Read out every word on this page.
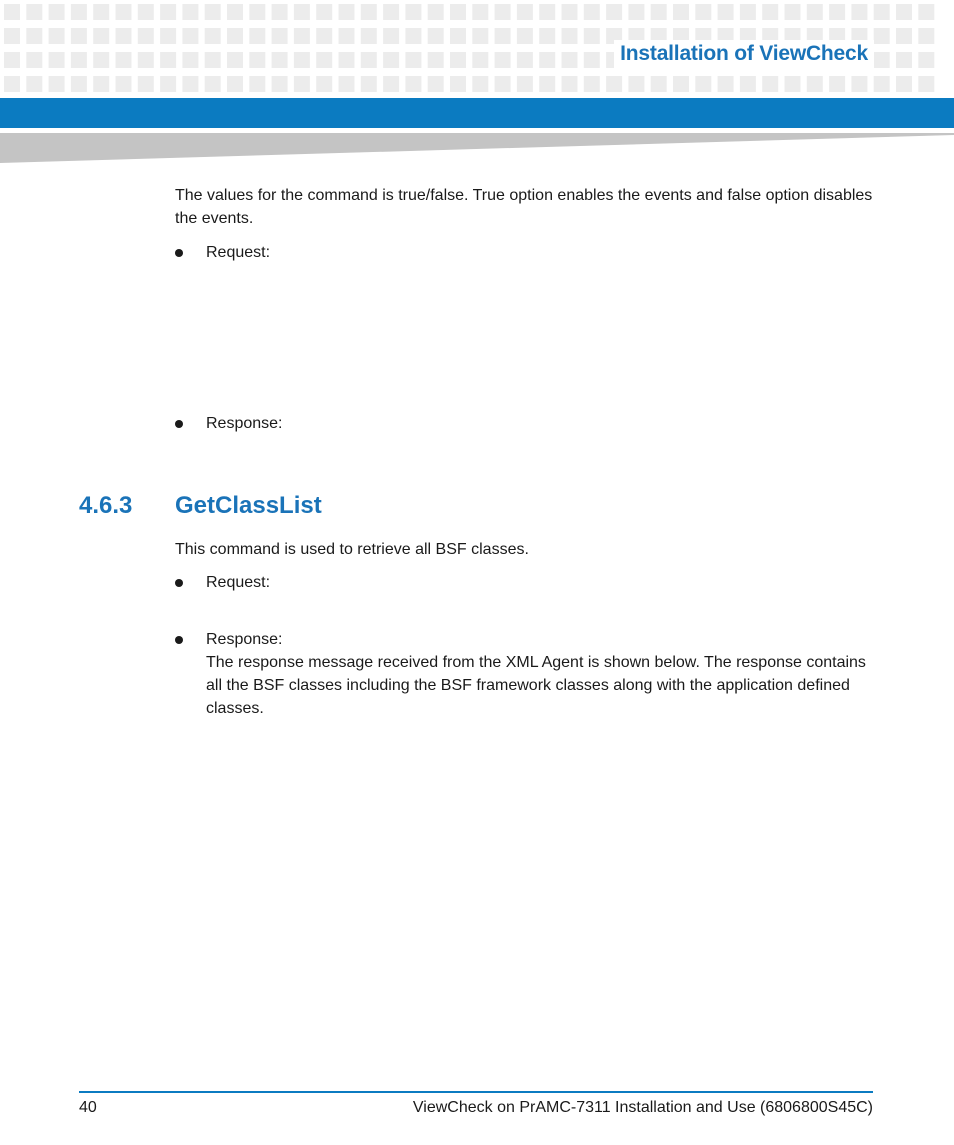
Installation of ViewCheck
The values for the command is true/false. True option enables the events and false option disables the events.
Request:
Response:
4.6.3 GetClassList
This command is used to retrieve all BSF classes.
Request:
Response:
The response message received from the XML Agent is shown below. The response contains all the BSF classes including the BSF framework classes along with the application defined classes.
40	ViewCheck on PrAMC-7311 Installation and Use (6806800S45C)
